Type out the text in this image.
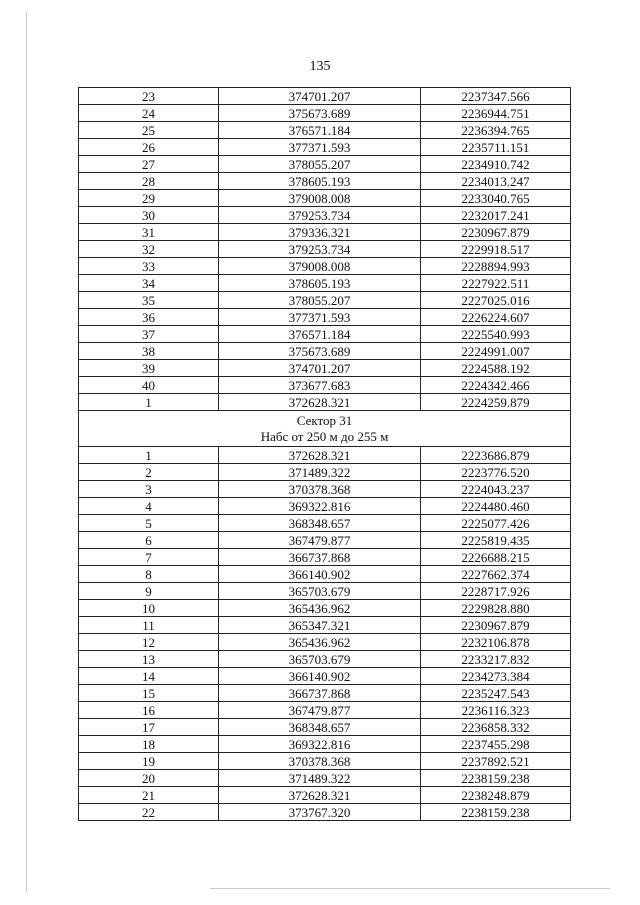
135
23	374701.207	2237347.566
24	375673.689	2236944.751
25	376571.184	2236394.765
26	377371.593	2235711.151
27	378055.207	2234910.742
28	378605.193	2234013.247
29	379008.008	2233040.765
30	379253.734	2232017.241
31	379336.321	2230967.879
32	379253.734	2229918.517
33	379008.008	2228894.993
34	378605.193	2227922.511
35	378055.207	2227025.016
36	377371.593	2226224.607
37	376571.184	2225540.993
38	375673.689	2224991.007
39	374701.207	2224588.192
40	373677.683	2224342.466
1	372628.321	2224259.879

Сектор 31
Набс от 250 м до 255 м		

1	372628.321	2223686.879
2	371489.322	2223776.520
3	370378.368	2224043.237
4	369322.816	2224480.460
5	368348.657	2225077.426
6	367479.877	2225819.435
7	366737.868	2226688.215
8	366140.902	2227662.374
9	365703.679	2228717.926
10	365436.962	2229828.880
11	365347.321	2230967.879
12	365436.962	2232106.878
13	365703.679	2233217.832
14	366140.902	2234273.384
15	366737.868	2235247.543
16	367479.877	2236116.323
17	368348.657	2236858.332
18	369322.816	2237455.298
19	370378.368	2237892.521
20	371489.322	2238159.238
21	372628.321	2238248.879
22	373767.320	2238159.238
